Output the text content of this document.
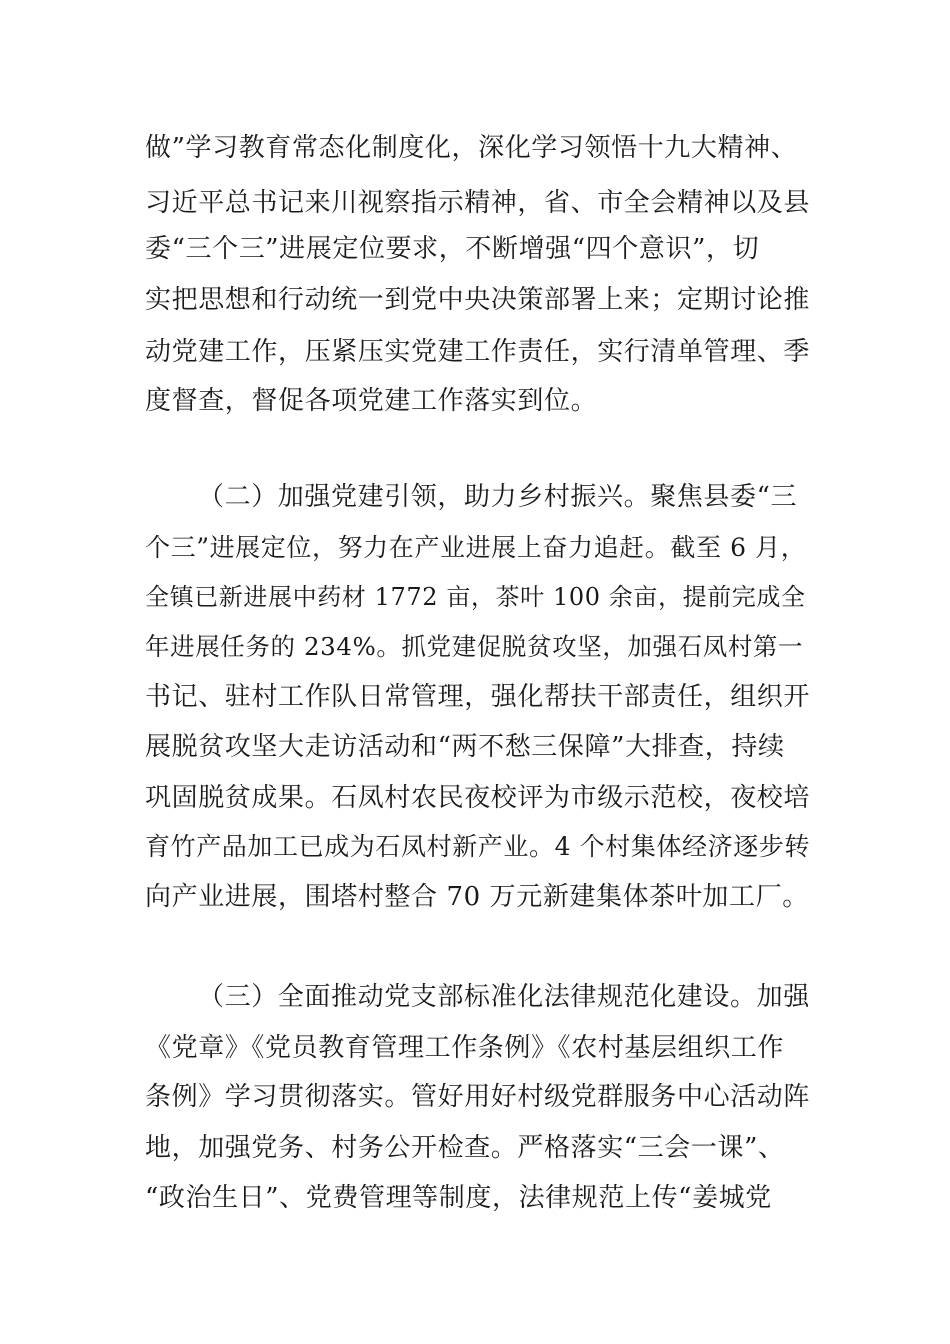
做”学习教育常态化制度化，深化学习领悟十九大精神、
习近平总书记来川视察指示精神，省、市全会精神以及县
委“三个三”进展定位要求，不断增强“四个意识”，切
实把思想和行动统一到党中央决策部署上来；定期讨论推
动党建工作，压紧压实党建工作责任，实行清单管理、季
度督查，督促各项党建工作落实到位。
（二）加强党建引领，助力乡村振兴。聚焦县委“三
个三”进展定位，努力在产业进展上奋力追赶。截至 6 月，
全镇已新进展中药材 1772 亩，茶叶 100 余亩，提前完成全
年进展任务的 234%。抓党建促脱贫攻坚，加强石凤村第一
书记、驻村工作队日常管理，强化帮扶干部责任，组织开
展脱贫攻坚大走访活动和“两不愁三保障”大排查，持续
巩固脱贫成果。石凤村农民夜校评为市级示范校，夜校培
育竹产品加工已成为石凤村新产业。4 个村集体经济逐步转
向产业进展，围塔村整合 70 万元新建集体茶叶加工厂。
（三）全面推动党支部标准化法律规范化建设。加强
《党章》《党员教育管理工作条例》《农村基层组织工作
条例》学习贯彻落实。管好用好村级党群服务中心活动阵
地，加强党务、村务公开检查。严格落实“三会一课”、
“政治生日”、党费管理等制度，法律规范上传“姜城党
